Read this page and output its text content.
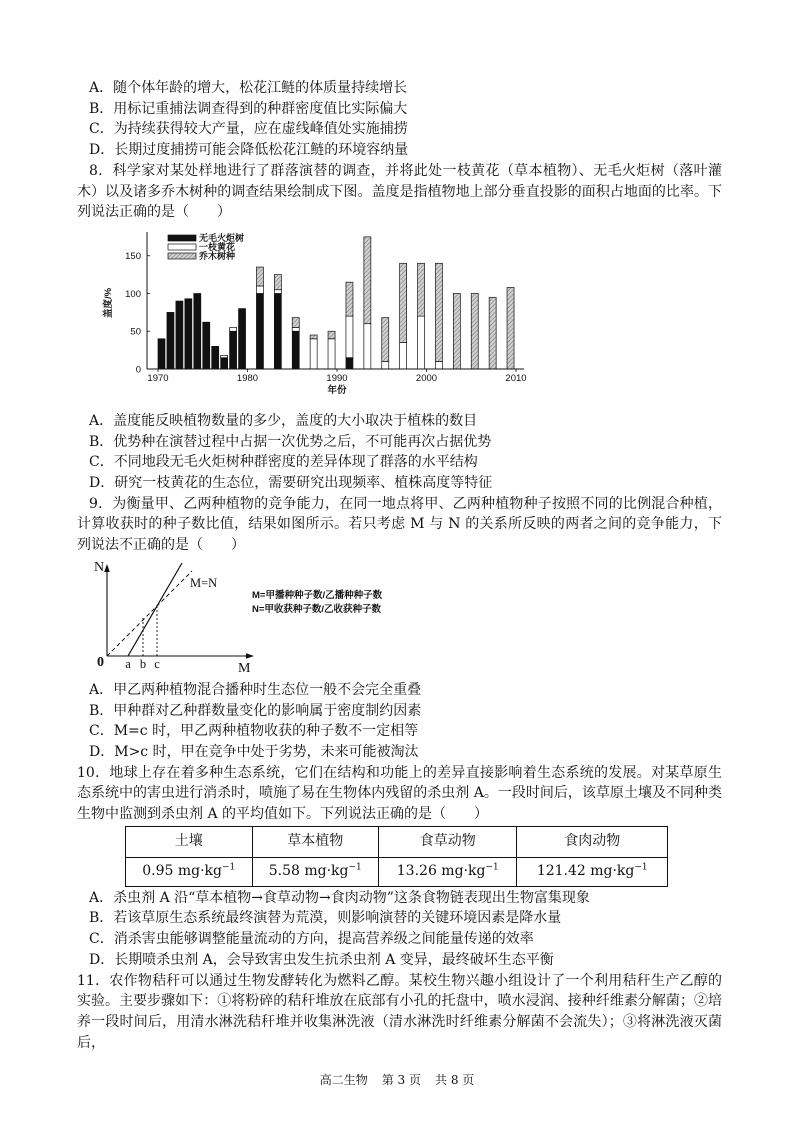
A．随个体年龄的增大，松花江鲢的体质量持续增长
B．用标记重捕法调查得到的种群密度值比实际偏大
C．为持续获得较大产量，应在虚线峰值处实施捕捞
D．长期过度捕捞可能会降低松花江鲢的环境容纳量
8．科学家对某处样地进行了群落演替的调查，并将此处一枝黄花（草本植物）、无毛火炬树（落叶灌木）以及诸多乔木树种的调查结果绘制成下图。盖度是指植物地上部分垂直投影的面积占地面的比率。下列说法正确的是（　　）
0
50
100
150
1970	1980	1990	2000	2010
盖度/%
年份
无毛火炬树
一枝黄花
乔木树种
A．盖度能反映植物数量的多少，盖度的大小取决于植株的数目
B．优势种在演替过程中占据一次优势之后，不可能再次占据优势
C．不同地段无毛火炬树种群密度的差异体现了群落的水平结构
D．研究一枝黄花的生态位，需要研究出现频率、植株高度等特征
9．为衡量甲、乙两种植物的竞争能力，在同一地点将甲、乙两种植物种子按照不同的比例混合种植，计算收获时的种子数比值，结果如图所示。若只考虑 M 与 N 的关系所反映的两者之间的竞争能力，下列说法不正确的是（　　）
N
M
0 a b c
M=N
M=甲播种种子数/乙播种种子数
N=甲收获种子数/乙收获种子数
A．甲乙两种植物混合播种时生态位一般不会完全重叠
B．甲种群对乙种群数量变化的影响属于密度制约因素
C．M=c 时，甲乙两种植物收获的种子数不一定相等
D．M>c 时，甲在竞争中处于劣势，未来可能被淘汰
10．地球上存在着多种生态系统，它们在结构和功能上的差异直接影响着生态系统的发展。对某草原生态系统中的害虫进行消杀时，喷施了易在生物体内残留的杀虫剂 A。一段时间后，该草原土壤及不同种类生物中监测到杀虫剂 A 的平均值如下。下列说法正确的是（　　）
土壤	草本植物	食草动物	食肉动物
0.95 $mg\cdot kg^{-1}$	5.58 $mg\cdot kg^{-1}$	13.26 $mg\cdot kg^{-1}$	121.42 $mg\cdot kg^{-1}$
A．杀虫剂 A 沿“草本植物→食草动物→食肉动物”这条食物链表现出生物富集现象
B．若该草原生态系统最终演替为荒漠，则影响演替的关键环境因素是降水量
C．消杀害虫能够调整能量流动的方向，提高营养级之间能量传递的效率
D．长期喷杀虫剂 A，会导致害虫发生抗杀虫剂 A 变异，最终破坏生态平衡
11．农作物秸秆可以通过生物发酵转化为燃料乙醇。某校生物兴趣小组设计了一个利用秸秆生产乙醇的实验。主要步骤如下：①将粉碎的秸秆堆放在底部有小孔的托盘中，喷水浸润、接种纤维素分解菌；②培养一段时间后，用清水淋洗秸秆堆并收集淋洗液（清水淋洗时纤维素分解菌不会流失）；③将淋洗液灭菌后，
高二生物 第 3 页 共 8 页
